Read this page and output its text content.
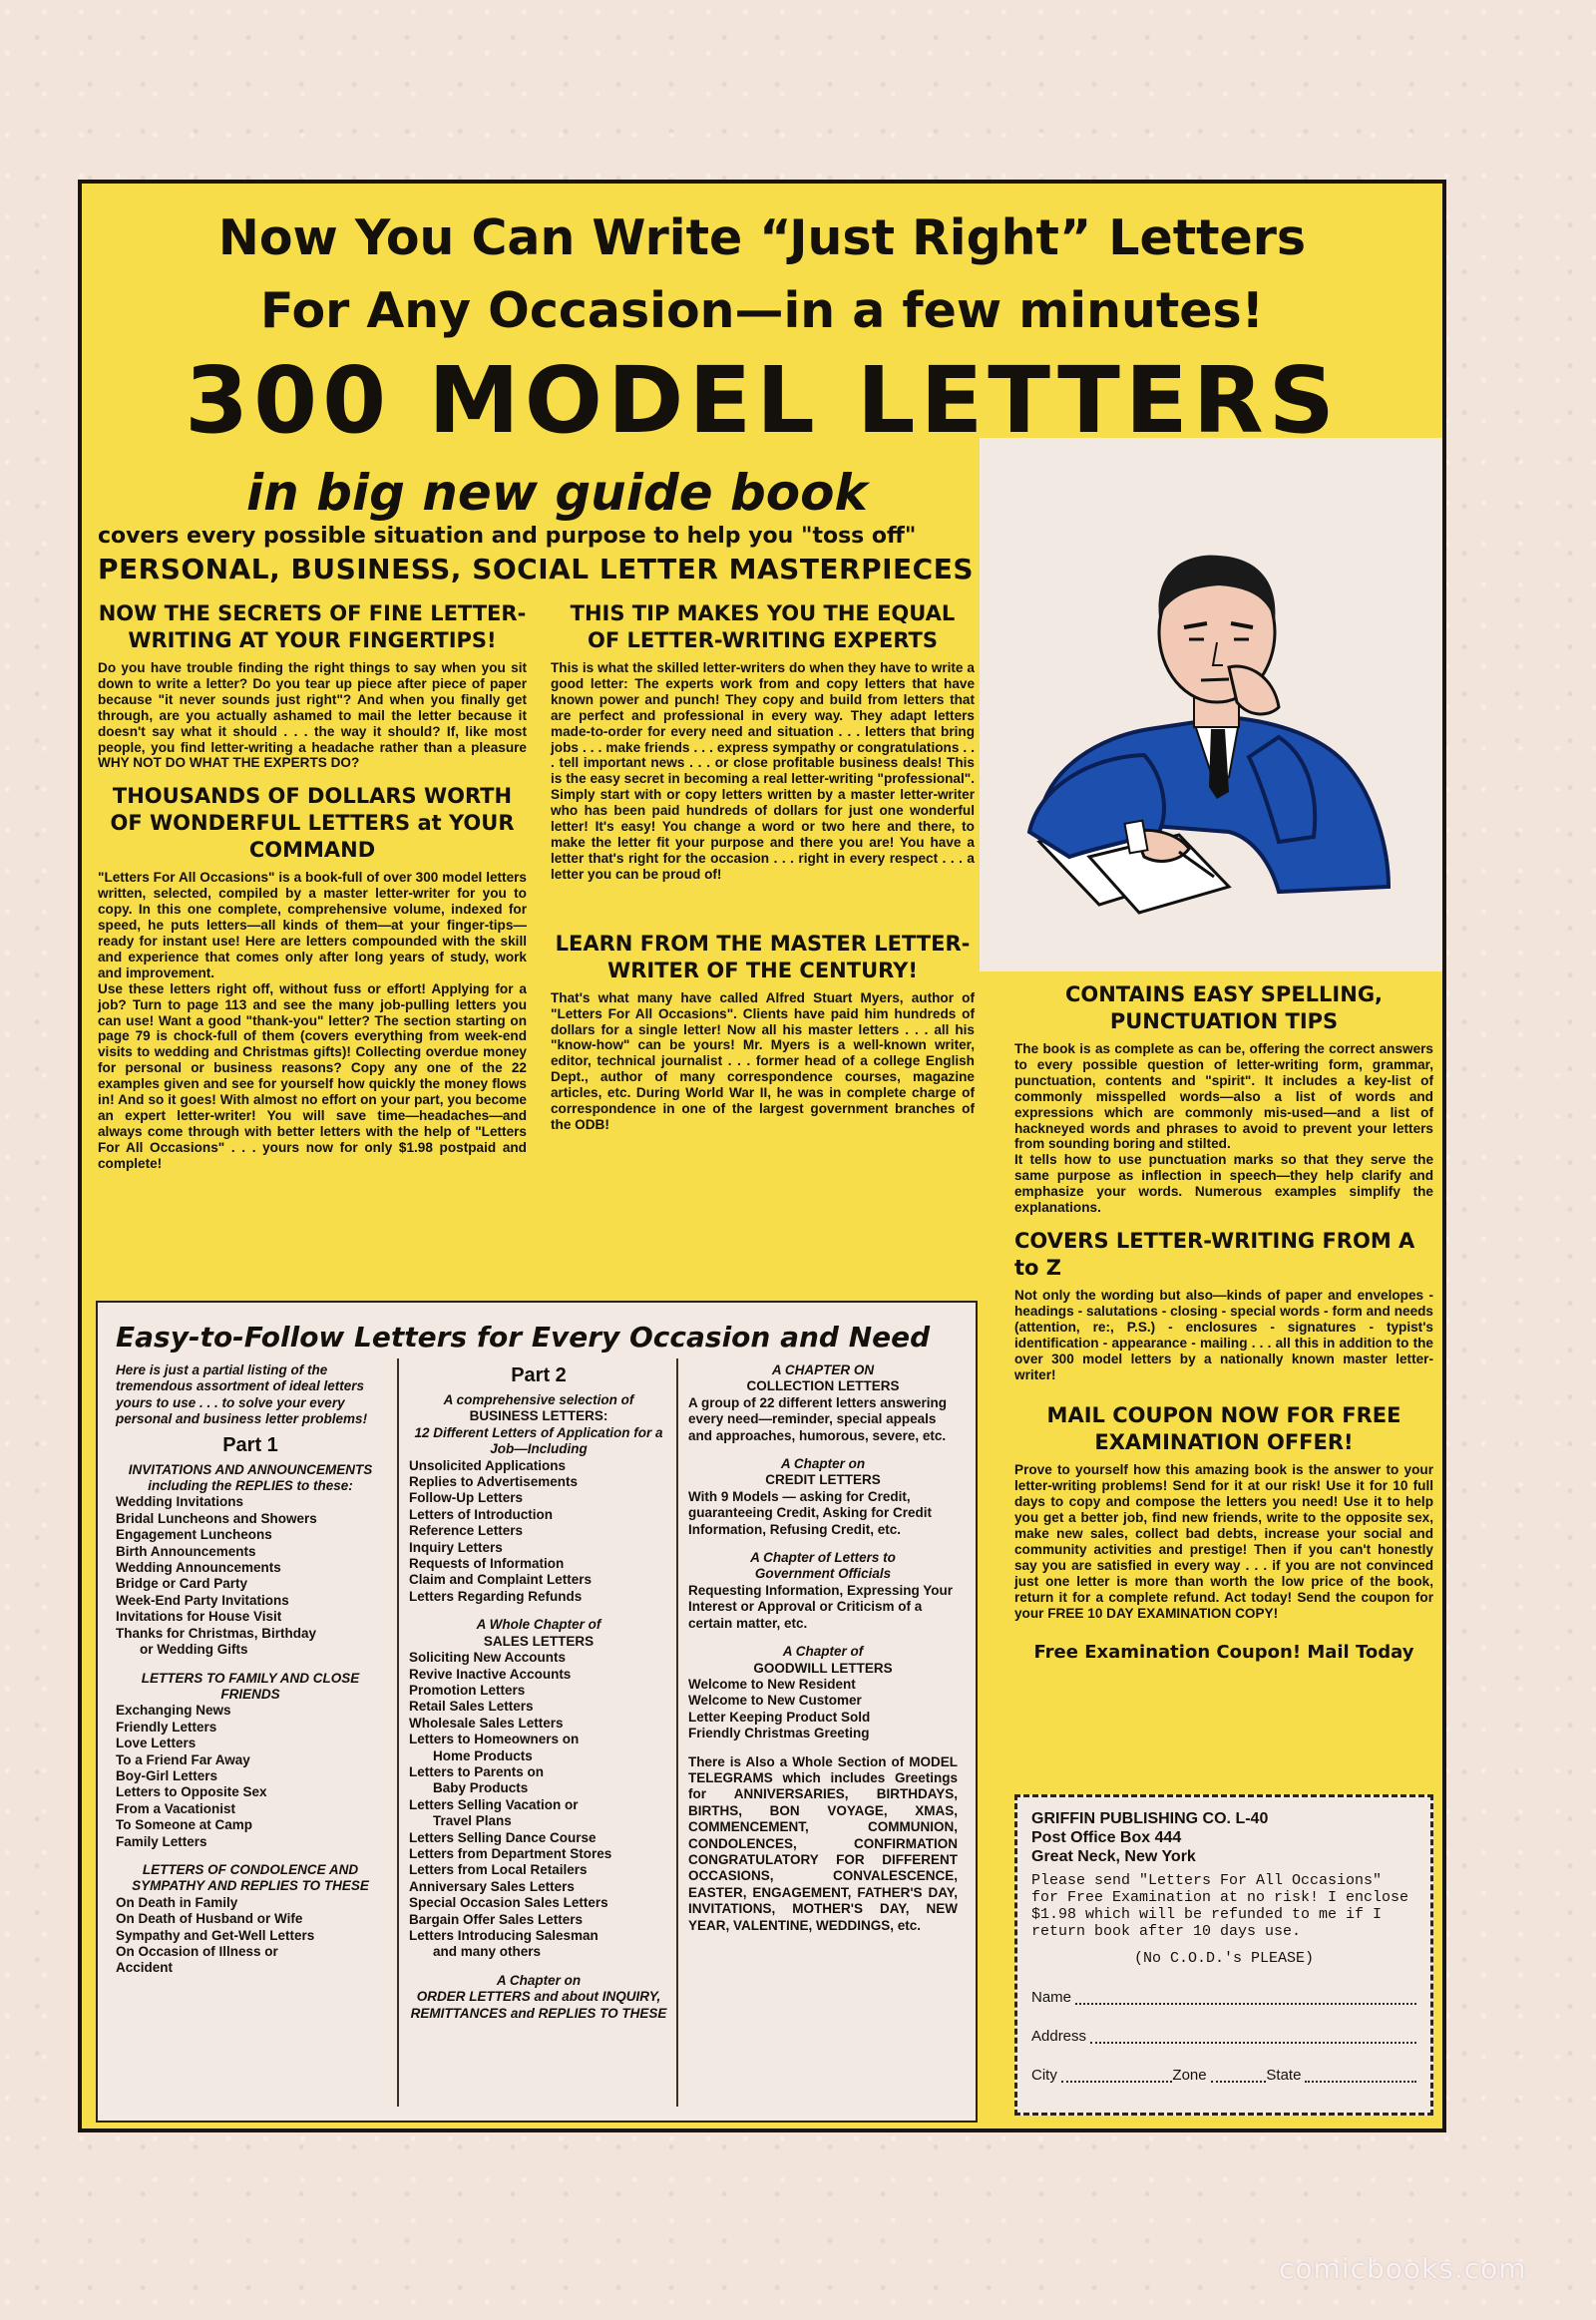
Now You Can Write “Just Right” Letters
For Any Occasion—in a few minutes!
300 MODEL LETTERS
in big new guide book
covers every possible situation and purpose to help you "toss off"
PERSONAL, BUSINESS, SOCIAL LETTER MASTERPIECES
NOW THE SECRETS OF FINE LETTER-WRITING AT YOUR FINGERTIPS!

Do you have trouble finding the right things to say when you sit down to write a letter? Do you tear up piece after piece of paper because "it never sounds just right"? And when you finally get through, are you actually ashamed to mail the letter because it doesn't say what it should . . . the way it should? If, like most people, you find letter-writing a headache rather than a pleasure WHY NOT DO WHAT THE EXPERTS DO?

THOUSANDS OF DOLLARS WORTH OF WONDERFUL LETTERS at YOUR COMMAND

"Letters For All Occasions" is a book-full of over 300 model letters written, selected, compiled by a master letter-writer for you to copy. In this one complete, comprehensive volume, indexed for speed, he puts letters—all kinds of them—at your finger-tips—ready for instant use! Here are letters compounded with the skill and experience that comes only after long years of study, work and improvement.

Use these letters right off, without fuss or effort! Applying for a job? Turn to page 113 and see the many job-pulling letters you can use! Want a good "thank-you" letter? The section starting on page 79 is chock-full of them (covers everything from week-end visits to wedding and Christmas gifts)! Collecting overdue money for personal or business reasons? Copy any one of the 22 examples given and see for yourself how quickly the money flows in! And so it goes! With almost no effort on your part, you become an expert letter-writer! You will save time—headaches—and always come through with better letters with the help of "Letters For All Occasions" . . . yours now for only $1.98 postpaid and complete!

THIS TIP MAKES YOU THE EQUAL OF LETTER-WRITING EXPERTS

This is what the skilled letter-writers do when they have to write a good letter: The experts work from and copy letters that have known power and punch! They copy and build from letters that are perfect and professional in every way. They adapt letters made-to-order for every need and situation . . . letters that bring jobs . . . make friends . . . express sympathy or congratulations . . . tell important news . . . or close profitable business deals! This is the easy secret in becoming a real letter-writing "professional". Simply start with or copy letters written by a master letter-writer who has been paid hundreds of dollars for just one wonderful letter! It's easy! You change a word or two here and there, to make the letter fit your purpose and there you are! You have a letter that's right for the occasion . . . right in every respect . . . a letter you can be proud of!

LEARN FROM THE MASTER LETTER-WRITER OF THE CENTURY!

That's what many have called Alfred Stuart Myers, author of "Letters For All Occasions". Clients have paid him hundreds of dollars for a single letter! Now all his master letters . . . all his "know-how" can be yours! Mr. Myers is a well-known writer, editor, technical journalist . . . former head of a college English Dept., author of many correspondence courses, magazine articles, etc. During World War II, he was in complete charge of correspondence in one of the largest government branches of the ODB!

CONTAINS EASY SPELLING, PUNCTUATION TIPS

The book is as complete as can be, offering the correct answers to every possible question of letter-writing form, grammar, punctuation, contents and "spirit". It includes a key-list of commonly misspelled words—also a list of words and expressions which are commonly mis-used—and a list of hackneyed words and phrases to avoid to prevent your letters from sounding boring and stilted.

It tells how to use punctuation marks so that they serve the same purpose as inflection in speech—they help clarify and emphasize your words. Numerous examples simplify the explanations.

COVERS LETTER-WRITING FROM A to Z

Not only the wording but also—kinds of paper and envelopes - headings - salutations - closing - special words - form and needs (attention, re:, P.S.) - enclosures - signatures - typist's identification - appearance - mailing . . . all this in addition to the over 300 model letters by a nationally known master letter-writer!

MAIL COUPON NOW FOR FREE EXAMINATION OFFER!

Prove to yourself how this amazing book is the answer to your letter-writing problems! Send for it at our risk! Use it for 10 full days to copy and compose the letters you need! Use it to help you get a better job, find new friends, write to the opposite sex, make new sales, collect bad debts, increase your social and community activities and prestige! Then if you can't honestly say you are satisfied in every way . . . if you are not convinced just one letter is more than worth the low price of the book, return it for a complete refund. Act today! Send the coupon for your FREE 10 DAY EXAMINATION COPY!

Free Examination Coupon! Mail Today
Easy-to-Follow Letters for Every Occasion and Need
Here is just a partial listing of the tremendous assortment of ideal letters yours to use . . . to solve your every personal and business letter problems!
Part 1
INVITATIONS AND ANNOUNCEMENTS including the REPLIES to these:
Wedding Invitations
Bridal Luncheons and Showers
Engagement Luncheons
Birth Announcements
Wedding Announcements
Bridge or Card Party
Week-End Party Invitations
Invitations for House Visit
Thanks for Christmas, Birthday
or Wedding Gifts
LETTERS TO FAMILY AND CLOSE FRIENDS
Exchanging News
Friendly Letters
Love Letters
To a Friend Far Away
Boy-Girl Letters
Letters to Opposite Sex
From a Vacationist
To Someone at Camp
Family Letters
LETTERS OF CONDOLENCE AND SYMPATHY AND REPLIES TO THESE
On Death in Family
On Death of Husband or Wife
Sympathy and Get-Well Letters
On Occasion of Illness or
Accident
Part 2
A comprehensive selection of
BUSINESS LETTERS:
12 Different Letters of Application for a Job—Including
Unsolicited Applications
Replies to Advertisements
Follow-Up Letters
Letters of Introduction
Reference Letters
Inquiry Letters
Requests of Information
Claim and Complaint Letters
Letters Regarding Refunds
A Whole Chapter of
SALES LETTERS
Soliciting New Accounts
Revive Inactive Accounts
Promotion Letters
Retail Sales Letters
Wholesale Sales Letters
Letters to Homeowners on
Home Products
Letters to Parents on
Baby Products
Letters Selling Vacation or
Travel Plans
Letters Selling Dance Course
Letters from Department Stores
Letters from Local Retailers
Anniversary Sales Letters
Special Occasion Sales Letters
Bargain Offer Sales Letters
Letters Introducing Salesman
and many others
A Chapter on
ORDER LETTERS and about INQUIRY, REMITTANCES and REPLIES TO THESE
A CHAPTER ON
COLLECTION LETTERS
A group of 22 different letters answering every need—reminder, special appeals and approaches, humorous, severe, etc.
A Chapter on
CREDIT LETTERS
With 9 Models — asking for Credit, guaranteeing Credit, Asking for Credit Information, Refusing Credit, etc.
A Chapter of Letters to
Government Officials
Requesting Information, Expressing Your Interest or Approval or Criticism of a certain matter, etc.
A Chapter of
GOODWILL LETTERS
Welcome to New Resident
Welcome to New Customer
Letter Keeping Product Sold
Friendly Christmas Greeting
There is Also a Whole Section of MODEL TELEGRAMS which includes Greetings for ANNIVERSARIES, BIRTHDAYS, BIRTHS, BON VOYAGE, XMAS, COMMENCEMENT, COMMUNION, CONDOLENCES, CONFIRMATION CONGRATULATORY FOR DIFFERENT OCCASIONS, CONVALESCENCE, EASTER, ENGAGEMENT, FATHER'S DAY, INVITATIONS, MOTHER'S DAY, NEW YEAR, VALENTINE, WEDDINGS, etc.
GRIFFIN PUBLISHING CO. L-40
Post Office Box 444
Great Neck, New York
Please send "Letters For All Occasions" for Free Examination at no risk! I enclose $1.98 which will be refunded to me if I return book after 10 days use.
(No C.O.D.'s PLEASE)
Name
Address
City	Zone	State
comicbooks.com
